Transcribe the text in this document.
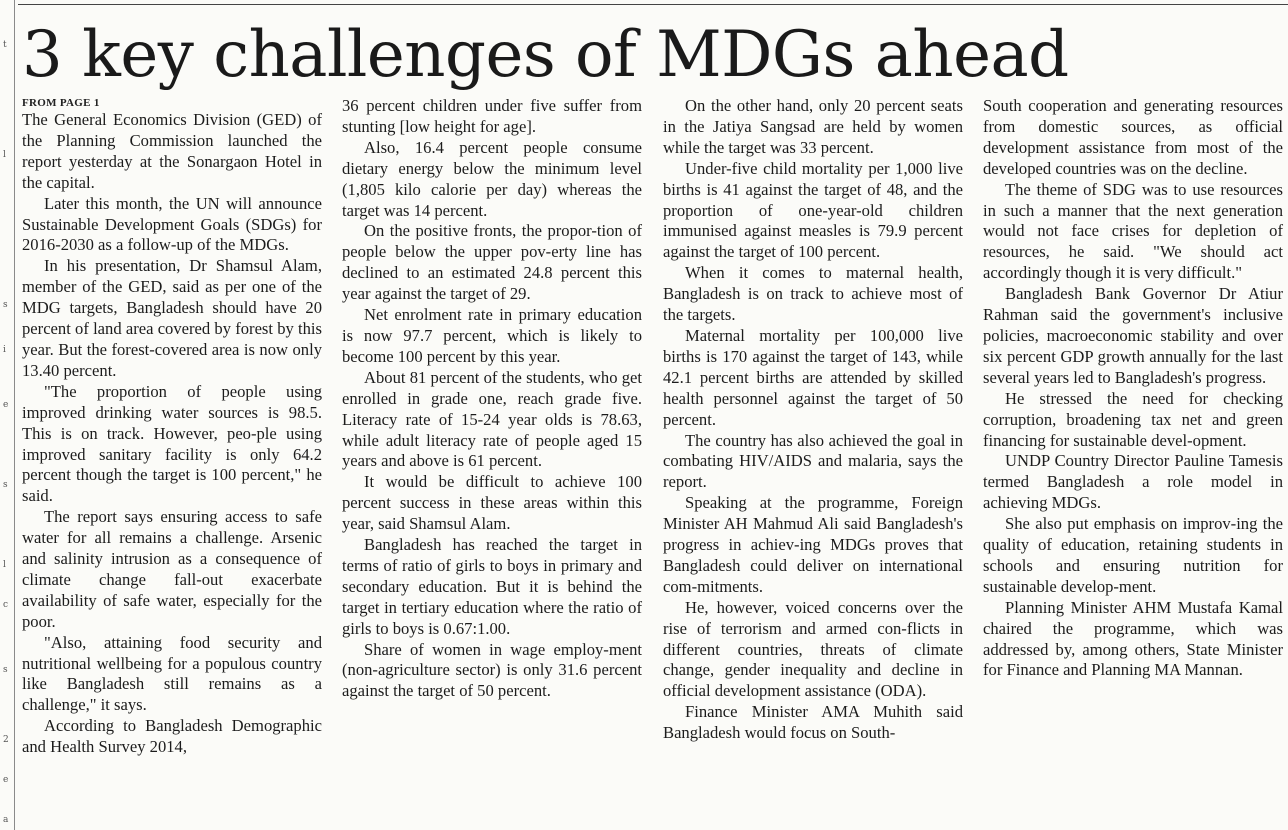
t
l
s
i
e
s
l
c
s
2
e
a
3 key challenges of MDGs ahead

FROM PAGE 1

The General Economics Division (GED) of the Planning Commission launched the report yesterday at the Sonargaon Hotel in the capital.

Later this month, the UN will announce Sustainable Development Goals (SDGs) for 2016-2030 as a follow-up of the MDGs.

In his presentation, Dr Shamsul Alam, member of the GED, said as per one of the MDG targets, Bangladesh should have 20 percent of land area covered by forest by this year. But the forest-covered area is now only 13.40 percent.

"The proportion of people using improved drinking water sources is 98.5. This is on track. However, peo-ple using improved sanitary facility is only 64.2 percent though the target is 100 percent," he said.

The report says ensuring access to safe water for all remains a challenge. Arsenic and salinity intrusion as a consequence of climate change fall-out exacerbate availability of safe water, especially for the poor.

"Also, attaining food security and nutritional wellbeing for a populous country like Bangladesh still remains as a challenge," it says.

According to Bangladesh Demographic and Health Survey 2014,

36 percent children under five suffer from stunting [low height for age].

Also, 16.4 percent people consume dietary energy below the minimum level (1,805 kilo calorie per day) whereas the target was 14 percent.

On the positive fronts, the propor-tion of people below the upper pov-erty line has declined to an estimated 24.8 percent this year against the target of 29.

Net enrolment rate in primary education is now 97.7 percent, which is likely to become 100 percent by this year.

About 81 percent of the students, who get enrolled in grade one, reach grade five. Literacy rate of 15-24 year olds is 78.63, while adult literacy rate of people aged 15 years and above is 61 percent.

It would be difficult to achieve 100 percent success in these areas within this year, said Shamsul Alam.

Bangladesh has reached the target in terms of ratio of girls to boys in primary and secondary education. But it is behind the target in tertiary education where the ratio of girls to boys is 0.67:1.00.

Share of women in wage employ-ment (non-agriculture sector) is only 31.6 percent against the target of 50 percent.

On the other hand, only 20 percent seats in the Jatiya Sangsad are held by women while the target was 33 percent.

Under-five child mortality per 1,000 live births is 41 against the target of 48, and the proportion of one-year-old children immunised against measles is 79.9 percent against the target of 100 percent.

When it comes to maternal health, Bangladesh is on track to achieve most of the targets.

Maternal mortality per 100,000 live births is 170 against the target of 143, while 42.1 percent births are attended by skilled health personnel against the target of 50 percent.

The country has also achieved the goal in combating HIV/AIDS and malaria, says the report.

Speaking at the programme, Foreign Minister AH Mahmud Ali said Bangladesh's progress in achiev-ing MDGs proves that Bangladesh could deliver on international com-mitments.

He, however, voiced concerns over the rise of terrorism and armed con-flicts in different countries, threats of climate change, gender inequality and decline in official development assistance (ODA).

Finance Minister AMA Muhith said Bangladesh would focus on South-

South cooperation and generating resources from domestic sources, as official development assistance from most of the developed countries was on the decline.

The theme of SDG was to use resources in such a manner that the next generation would not face crises for depletion of resources, he said. "We should act accordingly though it is very difficult."

Bangladesh Bank Governor Dr Atiur Rahman said the government's inclusive policies, macroeconomic stability and over six percent GDP growth annually for the last several years led to Bangladesh's progress.

He stressed the need for checking corruption, broadening tax net and green financing for sustainable devel-opment.

UNDP Country Director Pauline Tamesis termed Bangladesh a role model in achieving MDGs.

She also put emphasis on improv-ing the quality of education, retaining students in schools and ensuring nutrition for sustainable develop-ment.

Planning Minister AHM Mustafa Kamal chaired the programme, which was addressed by, among others, State Minister for Finance and Planning MA Mannan.
